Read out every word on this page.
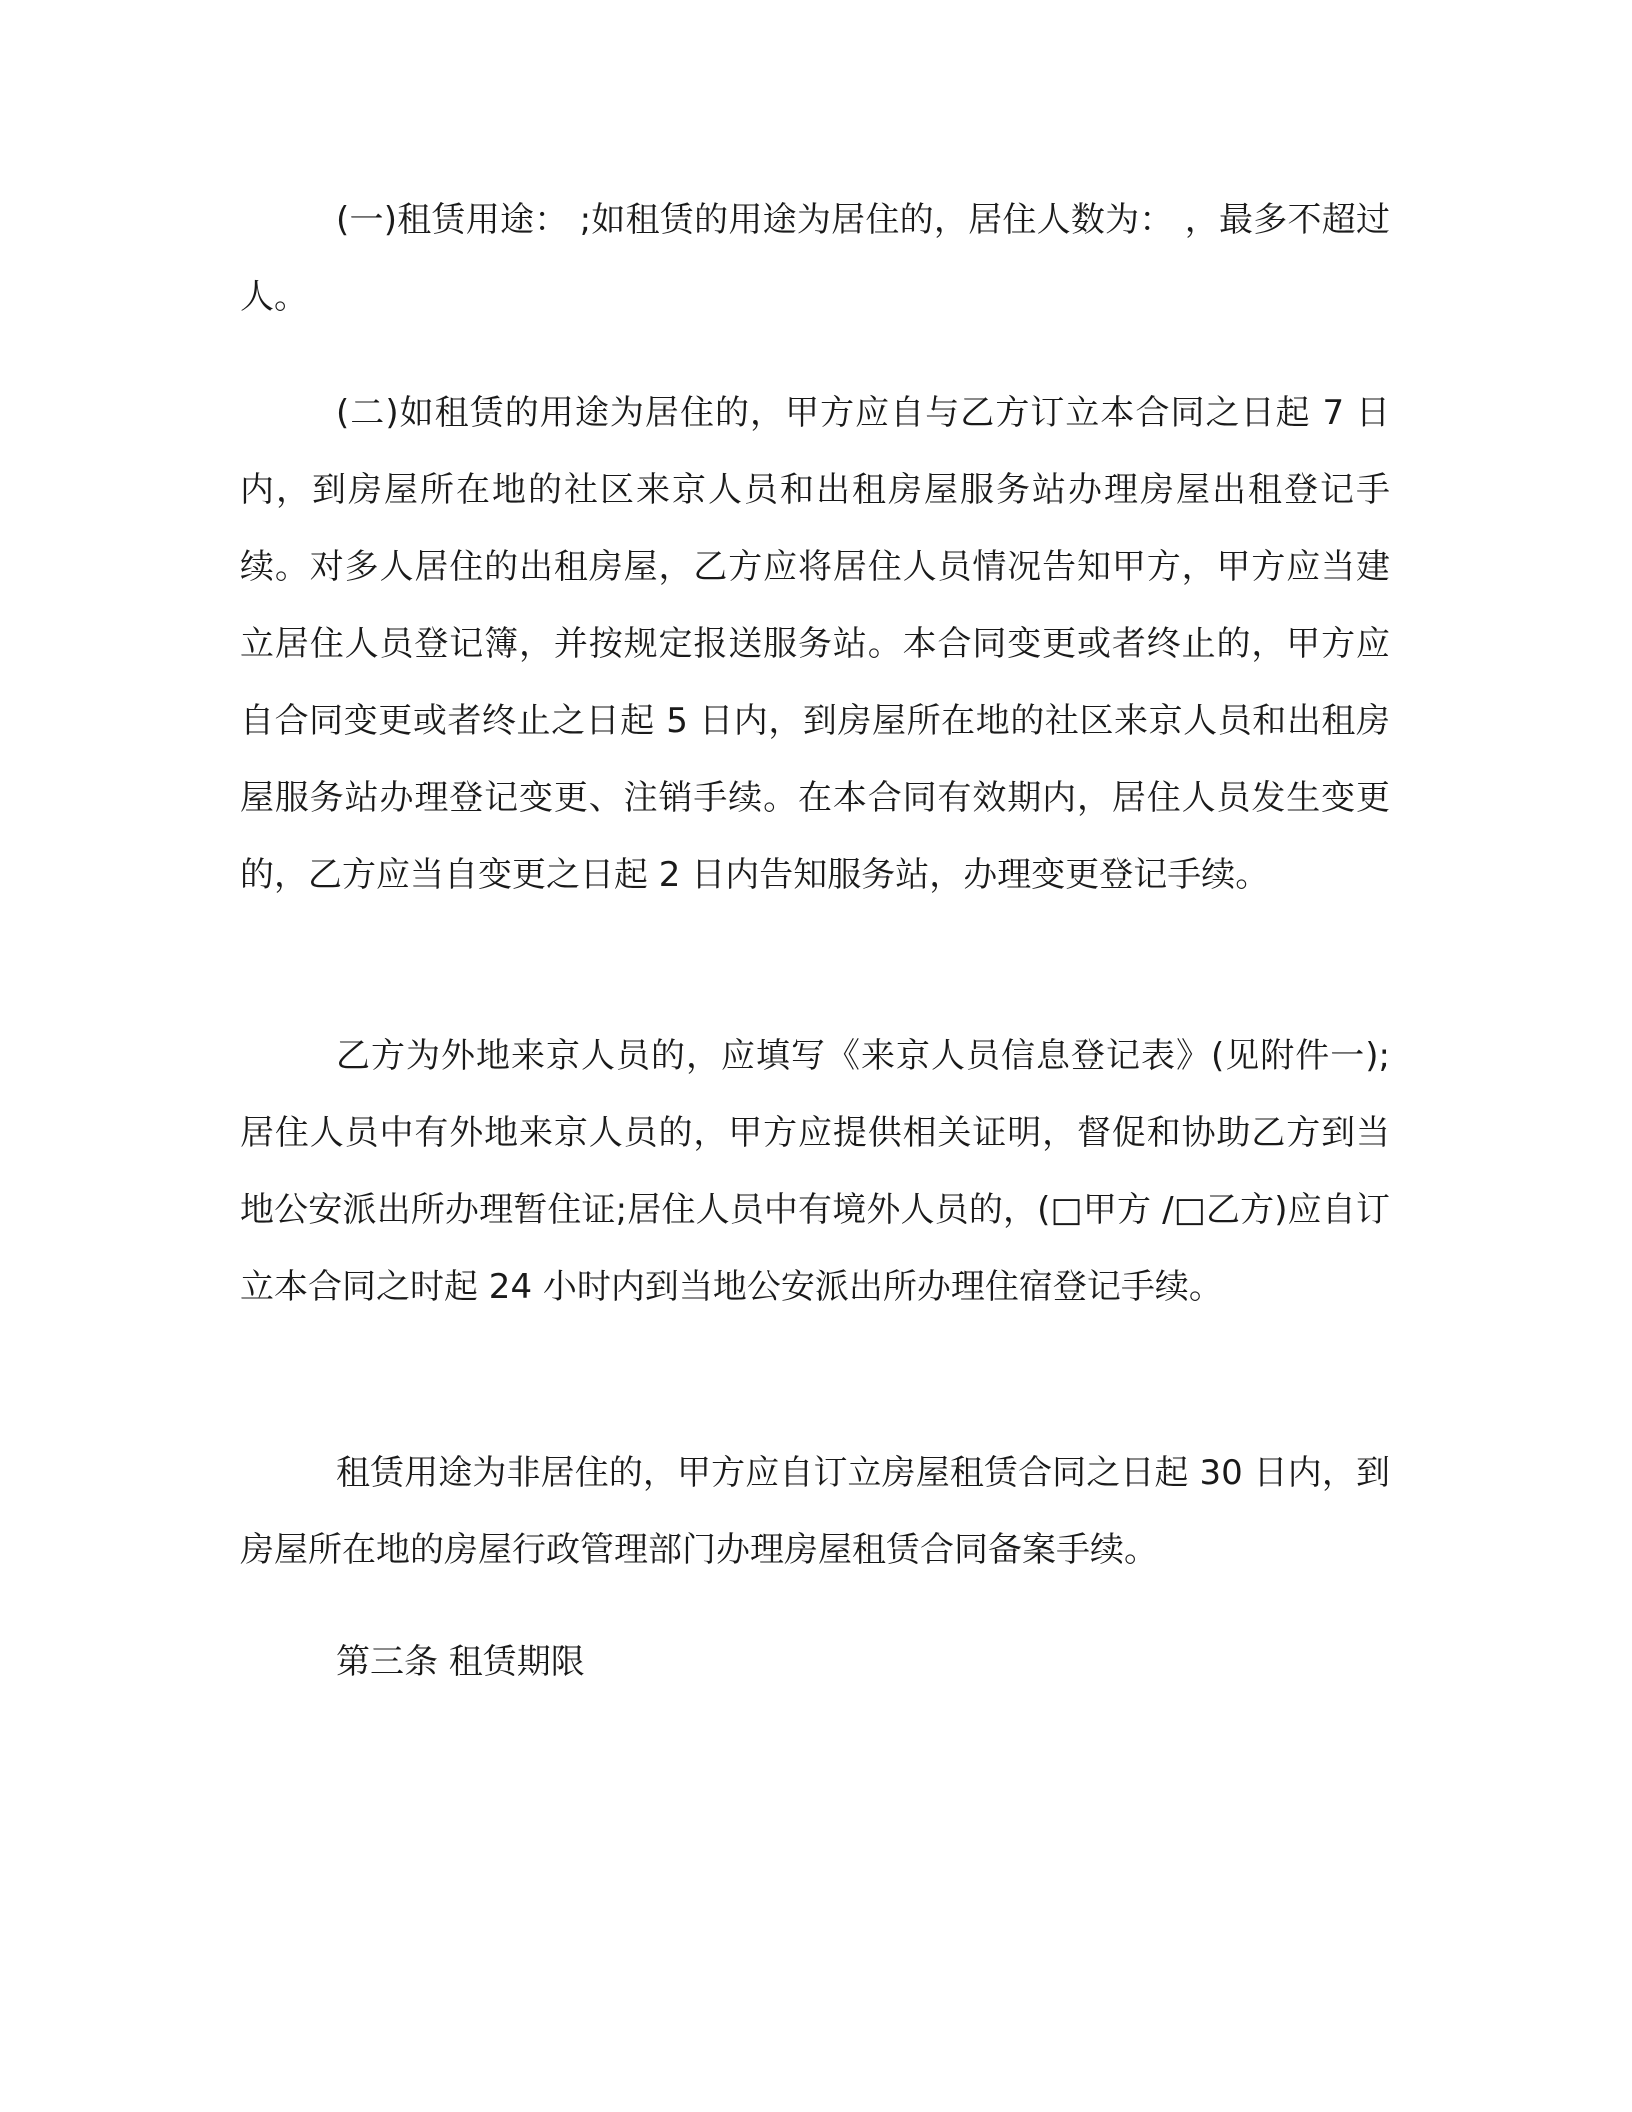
(一)租赁用途： ;如租赁的用途为居住的，居住人数为： ，最多不超过 人。

(二)如租赁的用途为居住的，甲方应自与乙方订立本合同之日起 7 日内，到房屋所在地的社区来京人员和出租房屋服务站办理房屋出租登记手续。对多人居住的出租房屋，乙方应将居住人员情况告知甲方，甲方应当建立居住人员登记簿，并按规定报送服务站。本合同变更或者终止的，甲方应自合同变更或者终止之日起 5 日内，到房屋所在地的社区来京人员和出租房屋服务站办理登记变更、注销手续。在本合同有效期内，居住人员发生变更的，乙方应当自变更之日起 2 日内告知服务站，办理变更登记手续。

乙方为外地来京人员的，应填写《来京人员信息登记表》(见附件一);居住人员中有外地来京人员的，甲方应提供相关证明，督促和协助乙方到当地公安派出所办理暂住证;居住人员中有境外人员的，(□甲方 /□乙方)应自订立本合同之时起 24 小时内到当地公安派出所办理住宿登记手续。

租赁用途为非居住的，甲方应自订立房屋租赁合同之日起 30 日内，到房屋所在地的房屋行政管理部门办理房屋租赁合同备案手续。

第三条 租赁期限
